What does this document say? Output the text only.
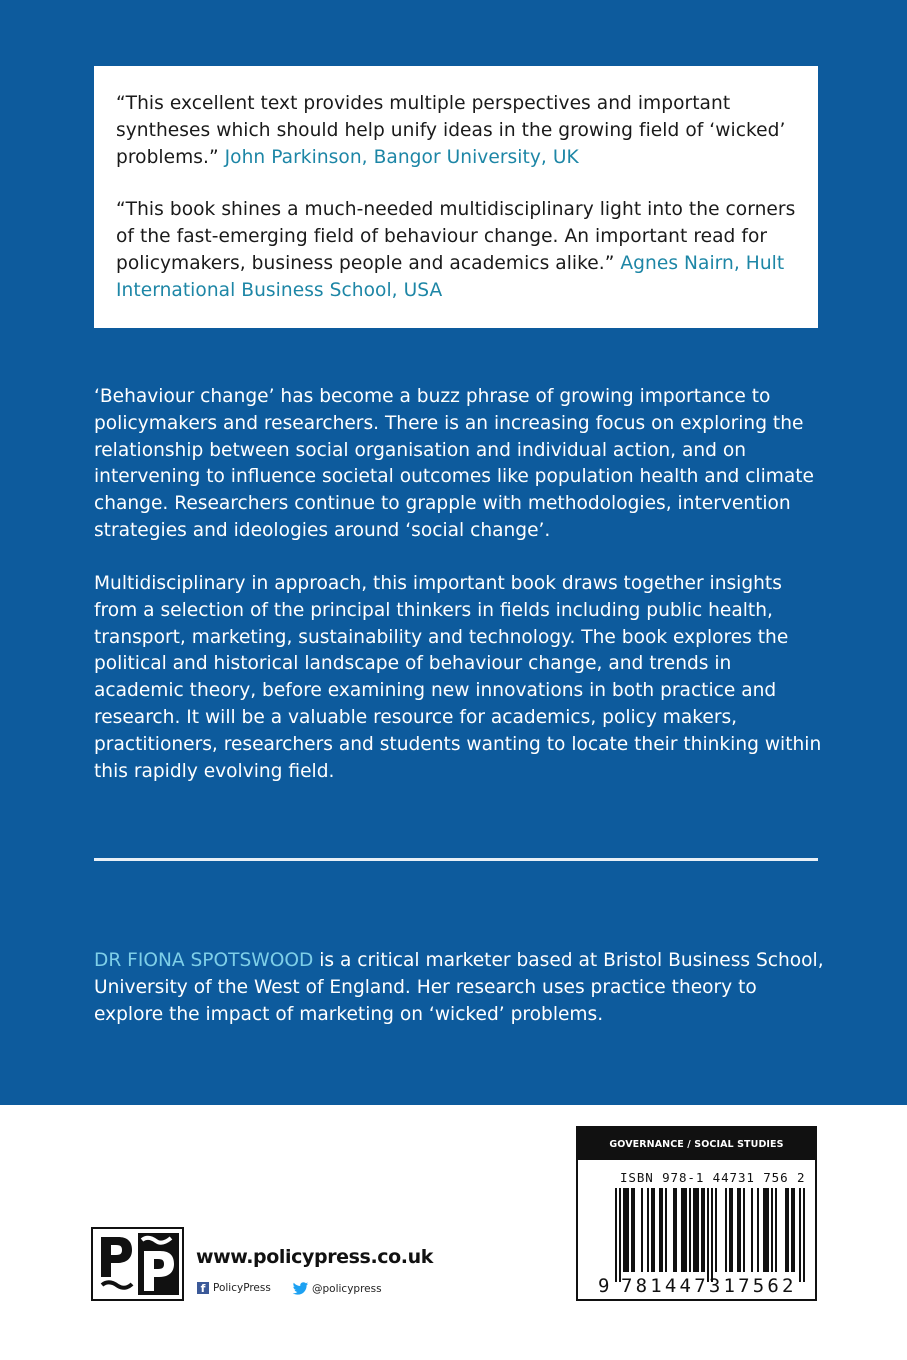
“This excellent text provides multiple perspectives and important syntheses which should help unify ideas in the growing field of ‘wicked’ problems.” John Parkinson, Bangor University, UK

“This book shines a much-needed multidisciplinary light into the corners of the fast-emerging field of behaviour change. An important read for policymakers, business people and academics alike.” Agnes Nairn, Hult International Business School, USA

‘Behaviour change’ has become a buzz phrase of growing importance to policymakers and researchers. There is an increasing focus on exploring the relationship between social organisation and individual action, and on intervening to influence societal outcomes like population health and climate change. Researchers continue to grapple with methodologies, intervention strategies and ideologies around ‘social change’.

Multidisciplinary in approach, this important book draws together insights from a selection of the principal thinkers in fields including public health, transport, marketing, sustainability and technology. The book explores the political and historical landscape of behaviour change, and trends in academic theory, before examining new innovations in both practice and research. It will be a valuable resource for academics, policy makers, practitioners, researchers and students wanting to locate their thinking within this rapidly evolving field.

DR FIONA SPOTSWOOD is a critical marketer based at Bristol Business School, University of the West of England. Her research uses practice theory to explore the impact of marketing on ‘wicked’ problems.

www.policypress.co.uk
f PolicyPress	@policypress
GOVERNANCE / SOCIAL STUDIES
ISBN 978-1 44731 756 2
9 781447317562
